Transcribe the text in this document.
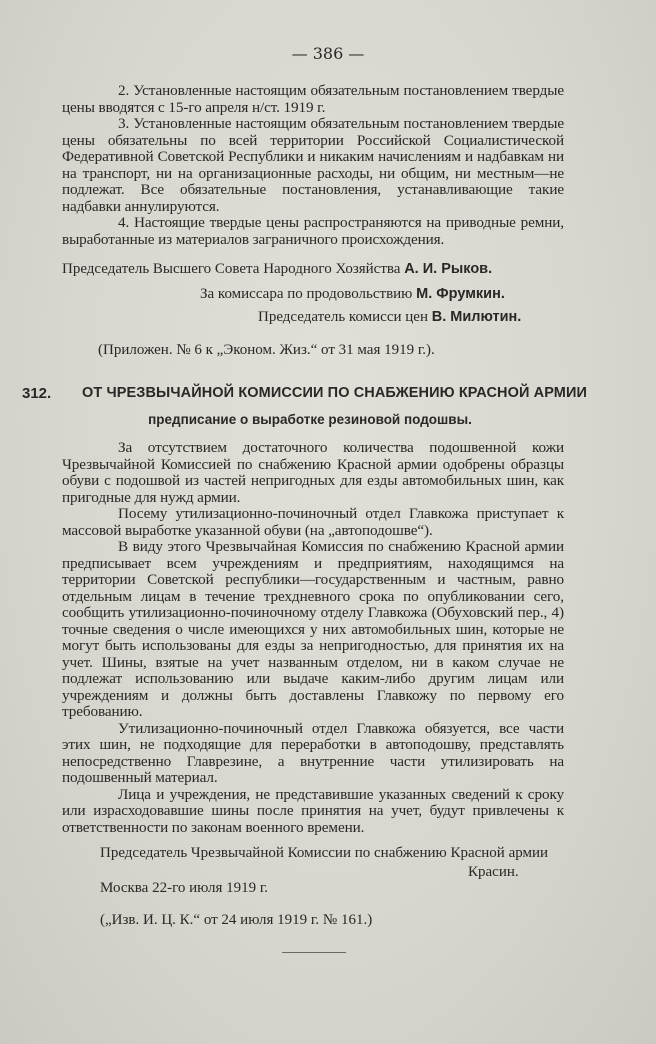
— 386 —

2. Установленные настоящим обязательным постановлением твердые цены вводятся с 15-го апреля н/ст. 1919 г.

3. Установленные настоящим обязательным постановлением твердые цены обязательны по всей территории Российской Социалистической Федеративной Советской Республики и никаким начислениям и надбавкам ни на транспорт, ни на организационные расходы, ни общим, ни местным—не подлежат. Все обязательные постановления, устанавливающие такие надбавки аннулируются.

4. Настоящие твердые цены распространяются на приводные ремни, выработанные из материалов заграничного происхождения.

Председатель Высшего Совета Народного Хозяйства А. И. Рыков.
За комиссара по продовольствию М. Фрумкин.
Председатель комисси цен В. Милютин.
(Приложен. № 6 к „Эконом. Жиз.“ от 31 мая 1919 г.).
312. ОТ ЧРЕЗВЫЧАЙНОЙ КОМИССИИ ПО СНАБЖЕНИЮ КРАСНОЙ АРМИИ
предписание о выработке резиновой подошвы.

За отсутствием достаточного количества подошвенной кожи Чрезвычайной Комиссией по снабжению Красной армии одобрены образцы обуви с подошвой из частей непригодных для езды автомобильных шин, как пригодные для нужд армии.

Посему утилизационно-починочный отдел Главкожа приступает к массовой выработке указанной обуви (на „автоподошве“).

В виду этого Чрезвычайная Комиссия по снабжению Красной армии предписывает всем учреждениям и предприятиям, находящимся на территории Советской республики—государственным и частным, равно отдельным лицам в течение трехдневного срока по опубликовании сего, сообщить утилизационно-починочному отделу Главкожа (Обуховский пер., 4) точные сведения о числе имеющихся у них автомобильных шин, которые не могут быть использованы для езды за непригодностью, для принятия их на учет. Шины, взятые на учет названным отделом, ни в каком случае не подлежат использованию или выдаче каким-либо другим лицам или учреждениям и должны быть доставлены Главкожу по первому его требованию.

Утилизационно-починочный отдел Главкожа обязуется, все части этих шин, не подходящие для переработки в автоподошву, представлять непосредственно Главрезине, а внутренние части утилизировать на подошвенный материал.

Лица и учреждения, не представившие указанных сведений к сроку или израсходовавшие шины после принятия на учет, будут привлечены к ответственности по законам военного времени.

Председатель Чрезвычайной Комиссии по снабжению Красной армии
Красин.
Москва 22-го июля 1919 г.
(„Изв. И. Ц. К.“ от 24 июля 1919 г. № 161.)
